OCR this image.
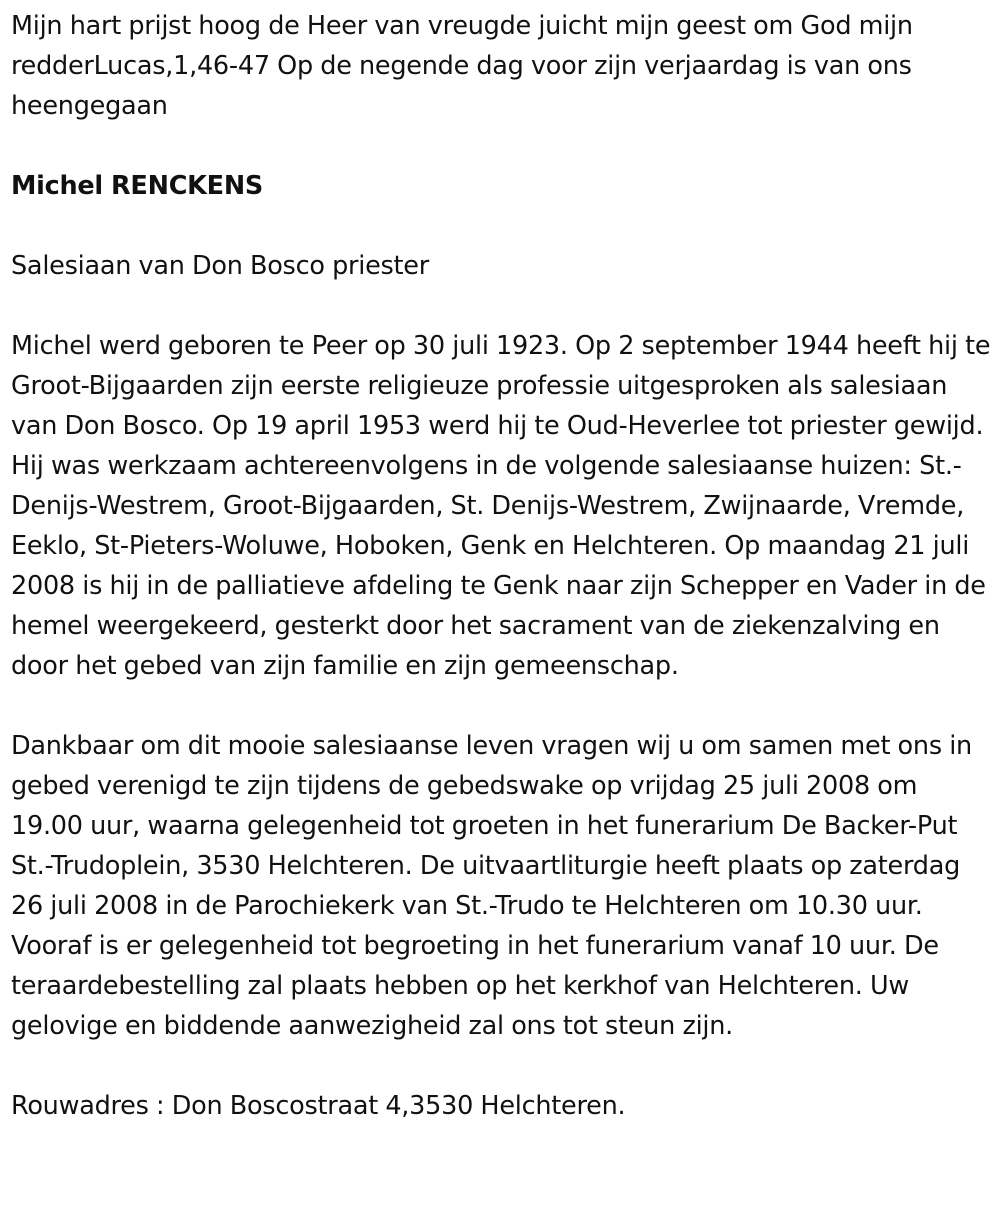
Mijn hart prijst hoog de Heer van vreugde juicht mijn geest om God mijn redderLucas,1,46-47 Op de negende dag voor zijn verjaardag is van ons heengegaan

Michel RENCKENS

Salesiaan van Don Bosco priester

Michel werd geboren te Peer op 30 juli 1923. Op 2 september 1944 heeft hij te Groot-Bijgaarden zijn eerste religieuze professie uitgesproken als salesiaan van Don Bosco. Op 19 april 1953 werd hij te Oud-Heverlee tot priester gewijd. Hij was werkzaam achtereenvolgens in de volgende salesiaanse huizen: St.-Denijs-Westrem, Groot-Bijgaarden, St. Denijs-Westrem, Zwijnaarde, Vremde, Eeklo, St-Pieters-Woluwe, Hoboken, Genk en Helchteren. Op maandag 21 juli 2008 is hij in de palliatieve afdeling te Genk naar zijn Schepper en Vader in de hemel weergekeerd, gesterkt door het sacrament van de ziekenzalving en door het gebed van zijn familie en zijn gemeenschap.

Dankbaar om dit mooie salesiaanse leven vragen wij u om samen met ons in gebed verenigd te zijn tijdens de gebedswake op vrijdag 25 juli 2008 om 19.00 uur, waarna gelegenheid tot groeten in het funerarium De Backer-Put St.-Trudoplein, 3530 Helchteren. De uitvaartliturgie heeft plaats op zaterdag 26 juli 2008 in de Parochiekerk van St.-Trudo te Helchteren om 10.30 uur. Vooraf is er gelegenheid tot begroeting in het funerarium vanaf 10 uur. De teraardebestelling zal plaats hebben op het kerkhof van Helchteren. Uw gelovige en biddende aanwezigheid zal ons tot steun zijn.

Rouwadres : Don Boscostraat 4,3530 Helchteren.
